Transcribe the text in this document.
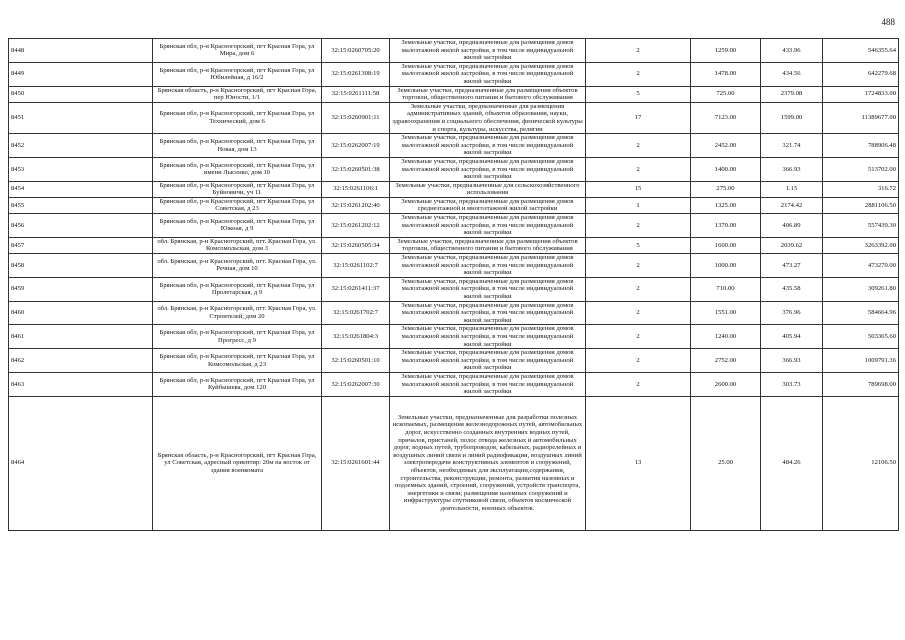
488
8448	Брянская обл, р-н Красногорский, пгт Красная Гора, ул Мира, дом 6	32:15:0260705:20	Земельные участки, предназначенные для размещения домов малоэтажной жилой застройки, в том числе индивидуальной жилой застройки	2	1259.00	433.96	546355.64
8449	Брянская обл, р-н Красногорский, пгт Красная Гора, ул Юбилейная, д 16/2	32:15:0261308:19	Земельные участки, предназначенные для размещения домов малоэтажной жилой застройки, в том числе индивидуальной жилой застройки	2	1478.00	434.56	642279.68
8450	Брянская область, р-н Красногорский, пгт Красная Гора, пер Юности, 1/1	32:15:0261111:58	Земельные участки, предназначенные для размещения объектов торговли, общественного питания и бытового обслуживания	5	725.00	2379.08	1724833.00
8451	Брянская обл, р-н Красногорский, пгт Красная Гора, ул Технический, дом 6	32:15:0260901:11	Земельные участки, предназначенные для размещения административных зданий, объектов образования, науки, здравоохранения и социального обеспечения, физической культуры и спорта, культуры, искусства, религии	17	7123.00	1599.00	11389677.00
8452	Брянская обл, р-н Красногорский, пгт Красная Гора, ул Новая, дом 13	32:15:0262007:19	Земельные участки, предназначенные для размещения домов малоэтажной жилой застройки, в том числе индивидуальной жилой застройки	2	2452.00	321.74	788906.48
8453	Брянская обл, р-н Красногорский, пгт Красная Гора, ул имени Лысенко, дом 10	32:15:0260501:38	Земельные участки, предназначенные для размещения домов малоэтажной жилой застройки, в том числе индивидуальной жилой застройки	2	1400.00	366.93	513702.00
8454	Брянская обл, р-н Красногорский, пгт Красная Гора, ул Буйновичи, уч 11	32:15:0261106:1	Земельные участки, предназначенные для сельскохозяйственного использования	15	275.00	1.15	316.72
8455	Брянская обл, р-н Красногорский, пгт Красная Гора, ул Советская, д 23	32:15:0261202:40	Земельные участки, предназначенные для размещения домов среднеэтажной и многоэтажной жилой застройки	1	1325.00	2174.42	2881106.50
8456	Брянская обл, р-н Красногорский, пгт Красная Гора, ул Южная, д 9	32:15:0261202:12	Земельные участки, предназначенные для размещения домов малоэтажной жилой застройки, в том числе индивидуальной жилой застройки	2	1370.00	406.89	557439.30
8457	обл. Брянская, р-н Красногорский, пгт. Красная Гора, ул. Комсомольская, дом 3	32:15:0260505:34	Земельные участки, предназначенные для размещения объектов торговли, общественного питания и бытового обслуживания	5	1600.00	2039.62	3263392.00
8458	обл. Брянская, р-н Красногорский, пгт. Красная Гора, ул. Речная, дом 10	32:15:0261102:7	Земельные участки, предназначенные для размещения домов малоэтажной жилой застройки, в том числе индивидуальной жилой застройки	2	1000.00	473.27	473270.00
8459	Брянская обл, р-н Красногорский, пгт Красная Гора, ул Пролетарская, д 9	32:15:0261411:37	Земельные участки, предназначенные для размещения домов малоэтажной жилой застройки, в том числе индивидуальной жилой застройки	2	710.00	435.58	309261.80
8460	обл. Брянская, р-н Красногорский, пгт. Красная Гора, ул. Строителей, дом 20	32:15:0261702:7	Земельные участки, предназначенные для размещения домов малоэтажной жилой застройки, в том числе индивидуальной жилой застройки	2	1551.00	376.96	584664.96
8461	Брянская обл, р-н Красногорский, пгт Красная Гора, ул Прогресс, д 9	32:15:0261804:3	Земельные участки, предназначенные для размещения домов малоэтажной жилой застройки, в том числе индивидуальной жилой застройки	2	1240.00	405.94	503365.60
8462	Брянская обл, р-н Красногорский, пгт Красная Гора, ул Комсомольская, д 23	32:15:0260501:10	Земельные участки, предназначенные для размещения домов малоэтажной жилой застройки, в том числе индивидуальной жилой застройки	2	2752.00	366.93	1009791.36
8463	Брянская обл, р-н Красногорский, пгт Красная Гора, ул Куйбышева, дом 120	32:15:0262007:30	Земельные участки, предназначенные для размещения домов малоэтажной жилой застройки, в том числе индивидуальной жилой застройки	2	2600.00	303.73	789698.00
8464	Брянская область, р-н Красногорский, пгт Красная Гора, ул Советская, адресный ориентир: 20м на восток от здания военкомата	32:15:0261601:44	Земельные участки, предназначенные для разработки полезных ископаемых, размещения железнодорожных путей, автомобильных дорог, искусственно созданных внутренних водных путей, причалов, пристаней, полос отвода железных и автомобильных дорог, водных путей, трубопроводов, кабельных, радиорелейных и воздушных линий связи и линий радиофикации, воздушных линий электропередачи конструктивных элементов и сооружений, объектов, необходимых для эксплуатации,содержания, строительства, реконструкции, ремонта, развития наземных и подземных зданий, строений, сооружений, устройств транспорта, энергетики и связи; размещения наземных сооружений и инфраструктуры спутниковой связи, объектов космической деятельности, военных объектов.	13	25.00	484.26	12106.50
